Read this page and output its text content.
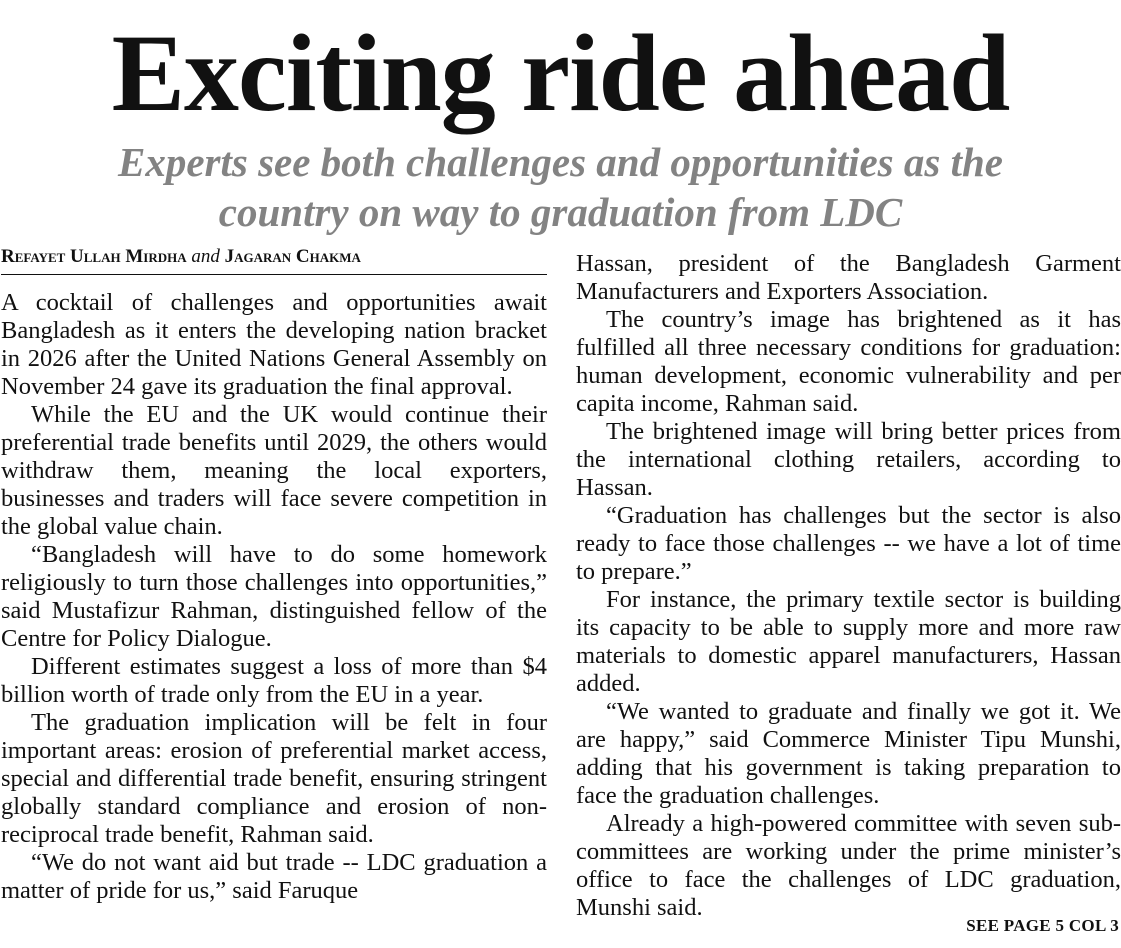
Exciting ride ahead
Experts see both challenges and opportunities as the
country on way to graduation from LDC
Refayet Ullah Mirdha and Jagaran Chakma

A cocktail of challenges and opportunities await Bangladesh as it enters the developing nation bracket in 2026 after the United Nations General Assembly on November 24 gave its graduation the final approval.

While the EU and the UK would continue their preferential trade benefits until 2029, the others would withdraw them, meaning the local exporters, businesses and traders will face severe competition in the global value chain.

“Bangladesh will have to do some homework religiously to turn those challenges into opportunities,” said Mustafizur Rahman, distinguished fellow of the Centre for Policy Dialogue.

Different estimates suggest a loss of more than $4 billion worth of trade only from the EU in a year.

The graduation implication will be felt in four important areas: erosion of preferential market access, special and differential trade benefit, ensuring stringent globally standard compliance and erosion of non-reciprocal trade benefit, Rahman said.

“We do not want aid but trade -- LDC graduation a matter of pride for us,” said Faruque

Hassan, president of the Bangladesh Garment Manufacturers and Exporters Association.

The country’s image has brightened as it has fulfilled all three necessary conditions for graduation: human development, economic vulnerability and per capita income, Rahman said.

The brightened image will bring better prices from the international clothing retailers, according to Hassan.

“Graduation has challenges but the sector is also ready to face those challenges -- we have a lot of time to prepare.”

For instance, the primary textile sector is building its capacity to be able to supply more and more raw materials to domestic apparel manufacturers, Hassan added.

“We wanted to graduate and finally we got it. We are happy,” said Commerce Minister Tipu Munshi, adding that his government is taking preparation to face the graduation challenges.

Already a high-powered committee with seven sub-committees are working under the prime minister’s office to face the challenges of LDC graduation, Munshi said.

SEE PAGE 5 COL 3
